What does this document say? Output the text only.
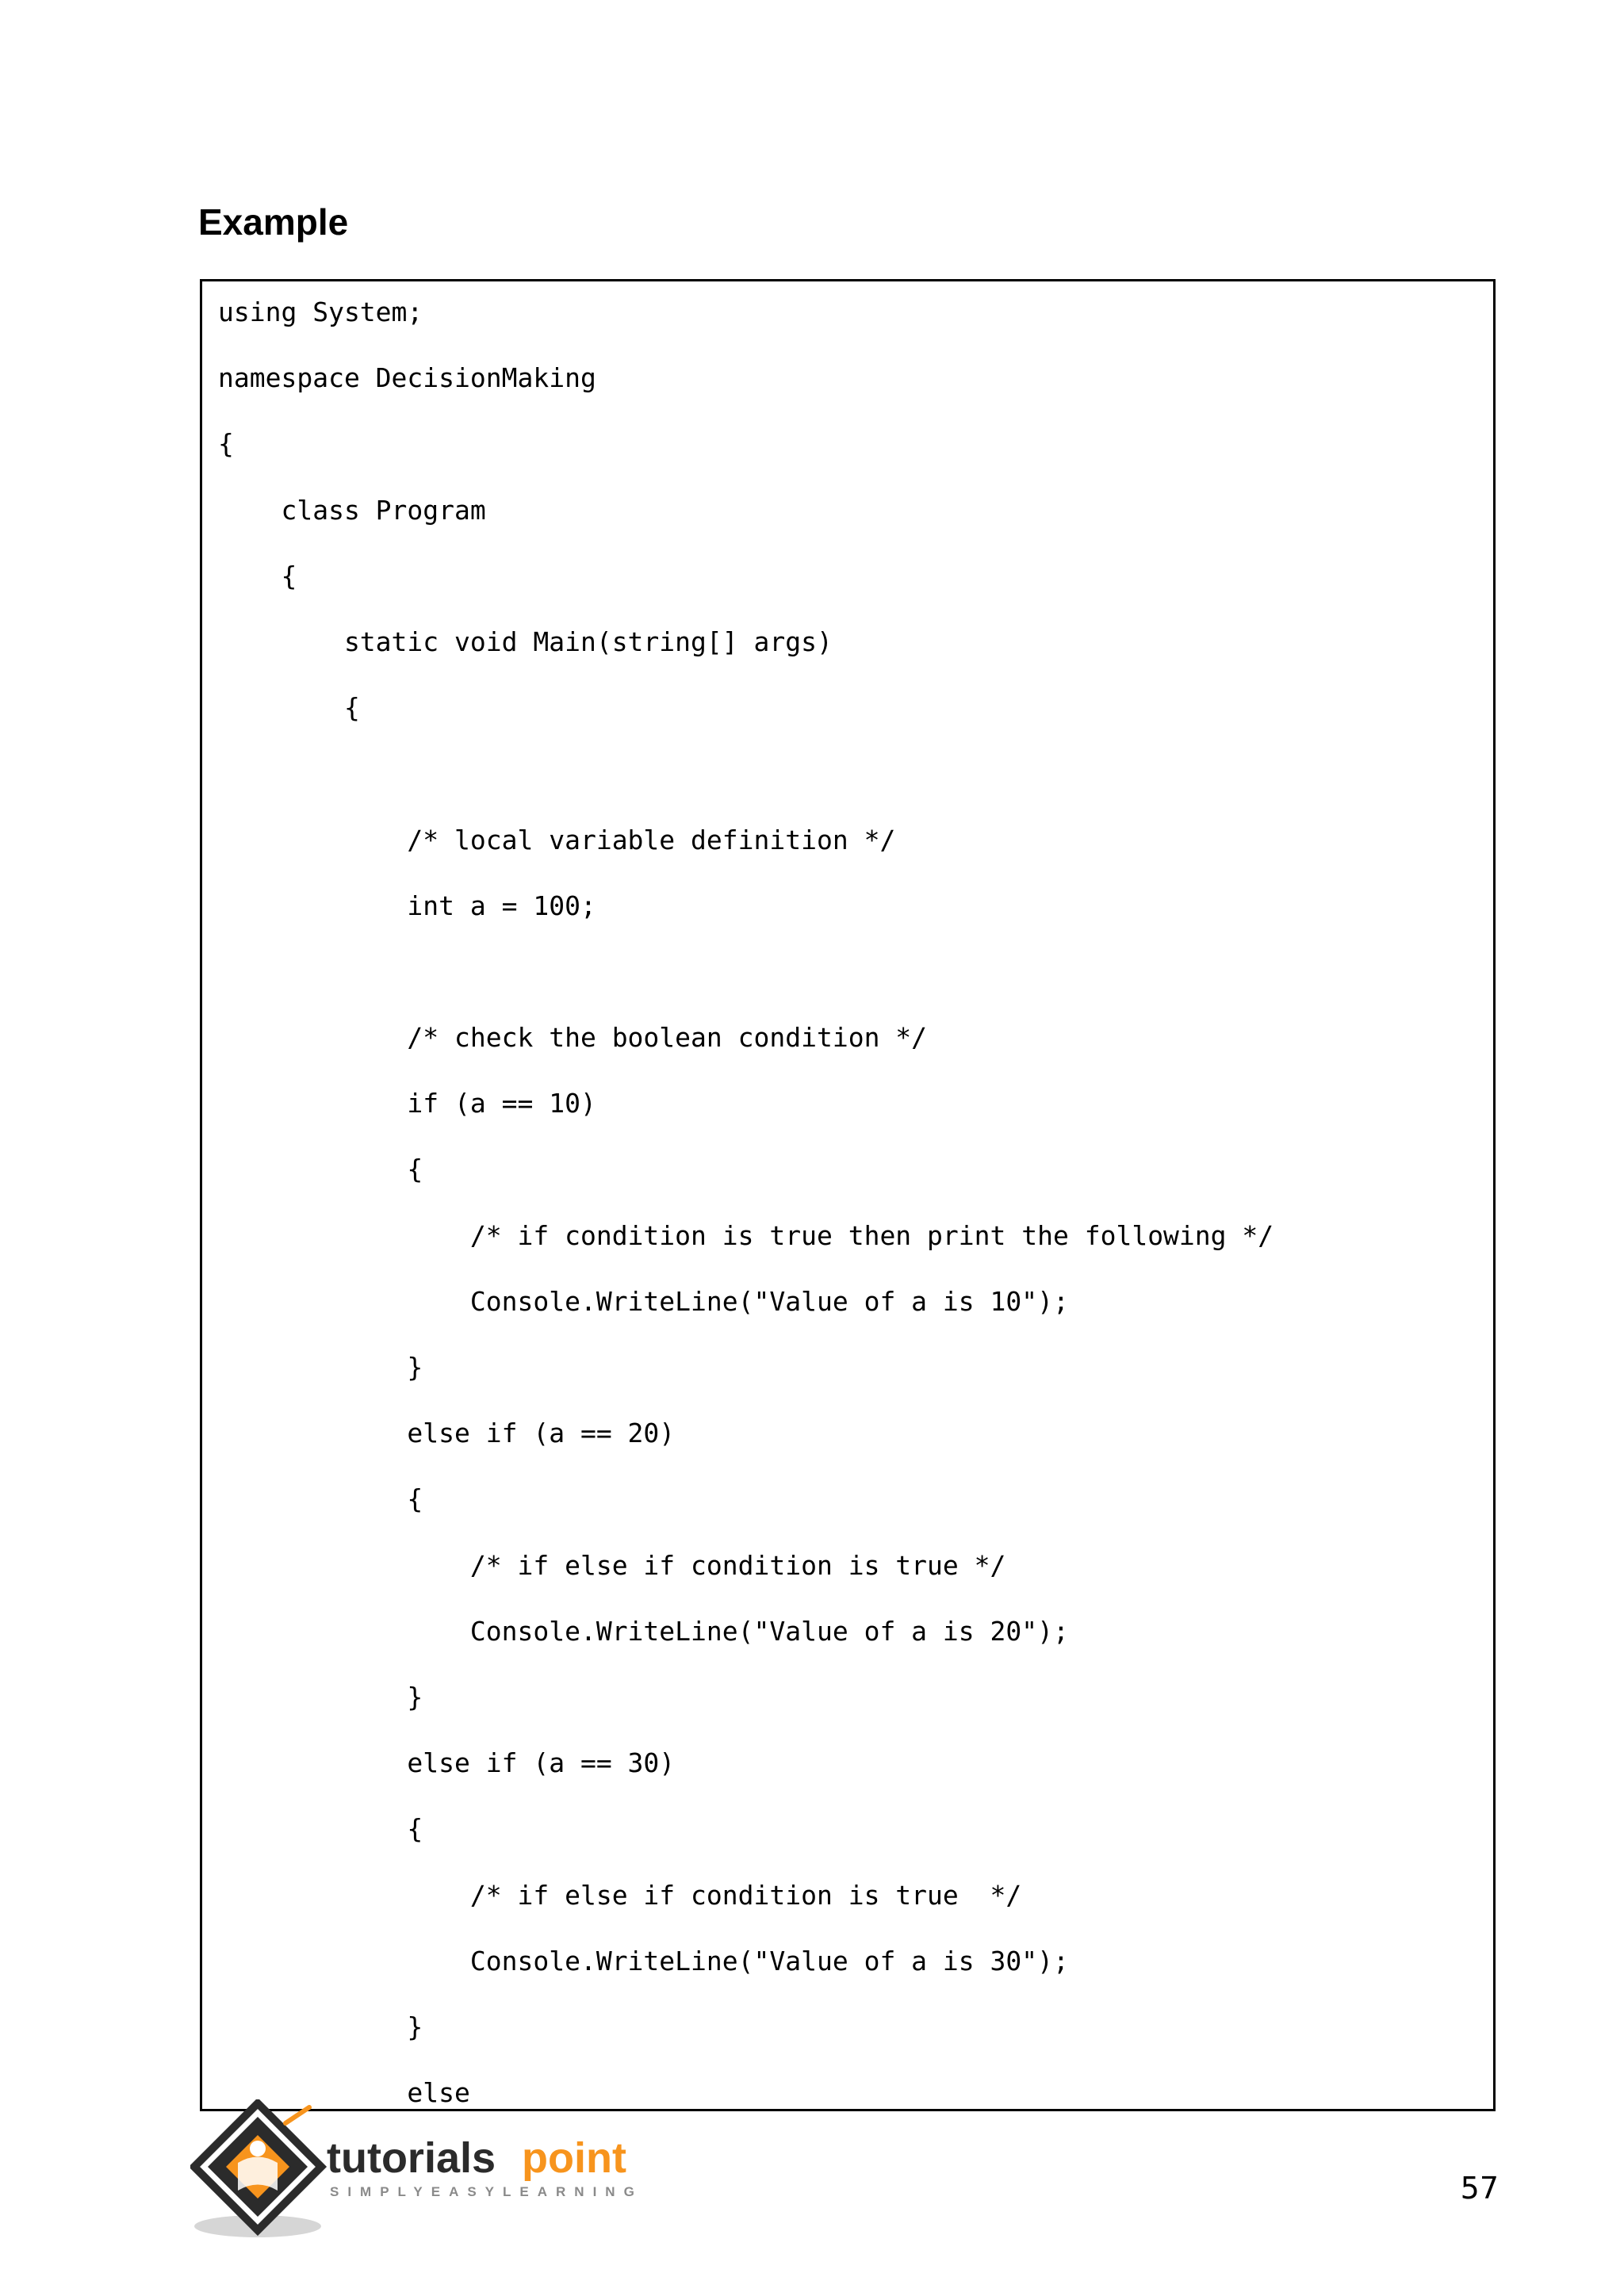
Example
using System;
namespace DecisionMaking
{
class Program
{
static void Main(string[] args)
{
/* local variable definition */
int a = 100;
/* check the boolean condition */
if (a == 10)
{
/* if condition is true then print the following */
Console.WriteLine("Value of a is 10");
}
else if (a == 20)
{
/* if else if condition is true */
Console.WriteLine("Value of a is 20");
}
else if (a == 30)
{
/* if else if condition is true  */
Console.WriteLine("Value of a is 30");
}
else
tutorials point
SIMPLYEASYLEARNING	57
